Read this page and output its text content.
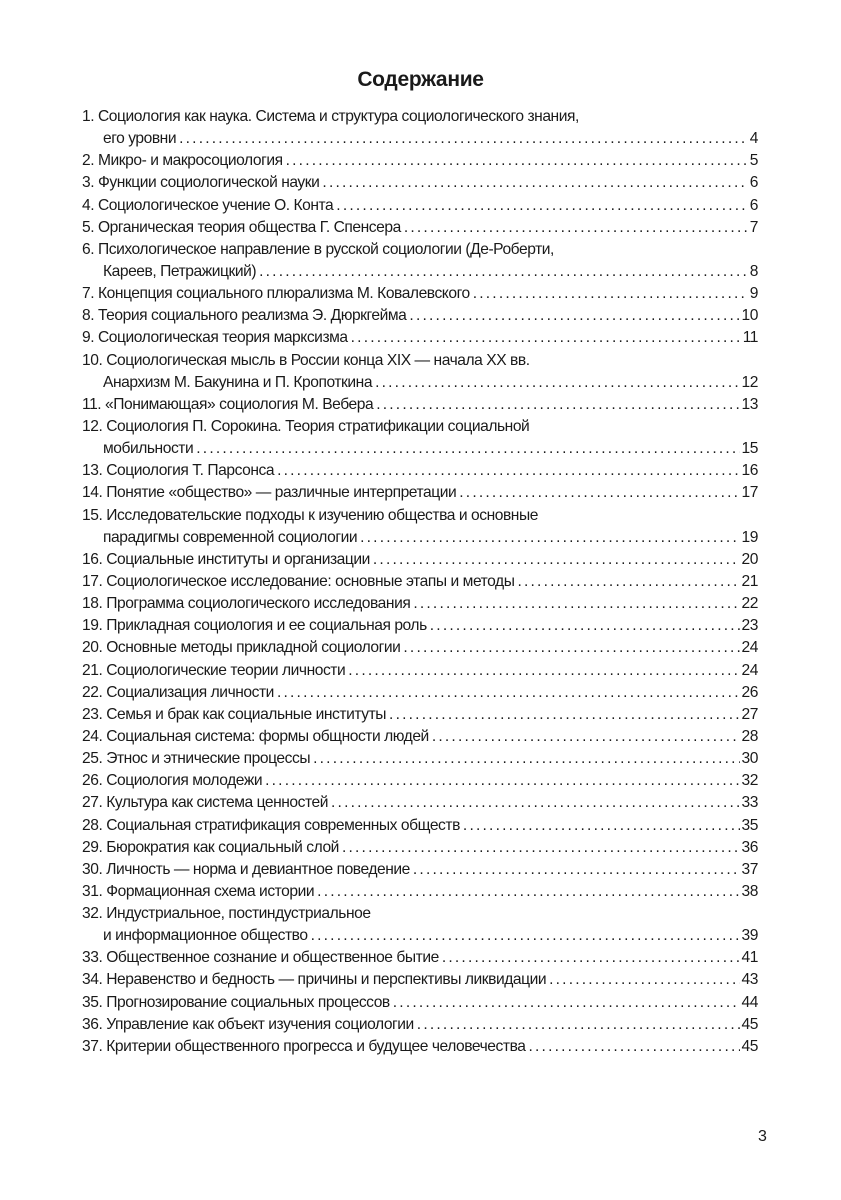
Содержание
1. Социология как наука. Система и структура социологического знания,
его уровни .....	4
2. Микро- и макросоциология .....	5
3. Функции социологической науки .....	6
4. Социологическое учение О. Конта .....	6
5. Органическая теория общества Г. Спенсера .....	7
6. Психологическое направление в русской социологии (Де-Роберти,
Кареев, Петражицкий) .....	8
7. Концепция социального плюрализма М. Ковалевского .....	9
8. Теория социального реализма Э. Дюркгейма .....	10
9. Социологическая теория марксизма .....	11
10. Социологическая мысль в России конца XIX — начала XX вв.
Анархизм М. Бакунина и П. Кропоткина .....	12
11. «Понимающая» социология М. Вебера .....	13
12. Социология П. Сорокина. Теория стратификации социальной
мобильности .....	15
13. Социология Т. Парсонса .....	16
14. Понятие «общество» — различные интерпретации .....	17
15. Исследовательские подходы к изучению общества и основные
парадигмы современной социологии .....	19
16. Социальные институты и организации .....	20
17. Социологическое исследование: основные этапы и методы .....	21
18. Программа социологического исследования .....	22
19. Прикладная социология и ее социальная роль .....	23
20. Основные методы прикладной социологии .....	24
21. Социологические теории личности .....	24
22. Социализация личности .....	26
23. Семья и брак как социальные институты .....	27
24. Социальная система: формы общности людей .....	28
25. Этнос и этнические процессы .....	30
26. Социология молодежи .....	32
27. Культура как система ценностей .....	33
28. Социальная стратификация современных обществ .....	35
29. Бюрократия как социальный слой .....	36
30. Личность — норма и девиантное поведение .....	37
31. Формационная схема истории .....	38
32. Индустриальное, постиндустриальное
и информационное общество .....	39
33. Общественное сознание и общественное бытие .....	41
34. Неравенство и бедность — причины и перспективы ликвидации .....	43
35. Прогнозирование социальных процессов .....	44
36. Управление как объект изучения социологии .....	45
37. Критерии общественного прогресса и будущее человечества .....	45
3
